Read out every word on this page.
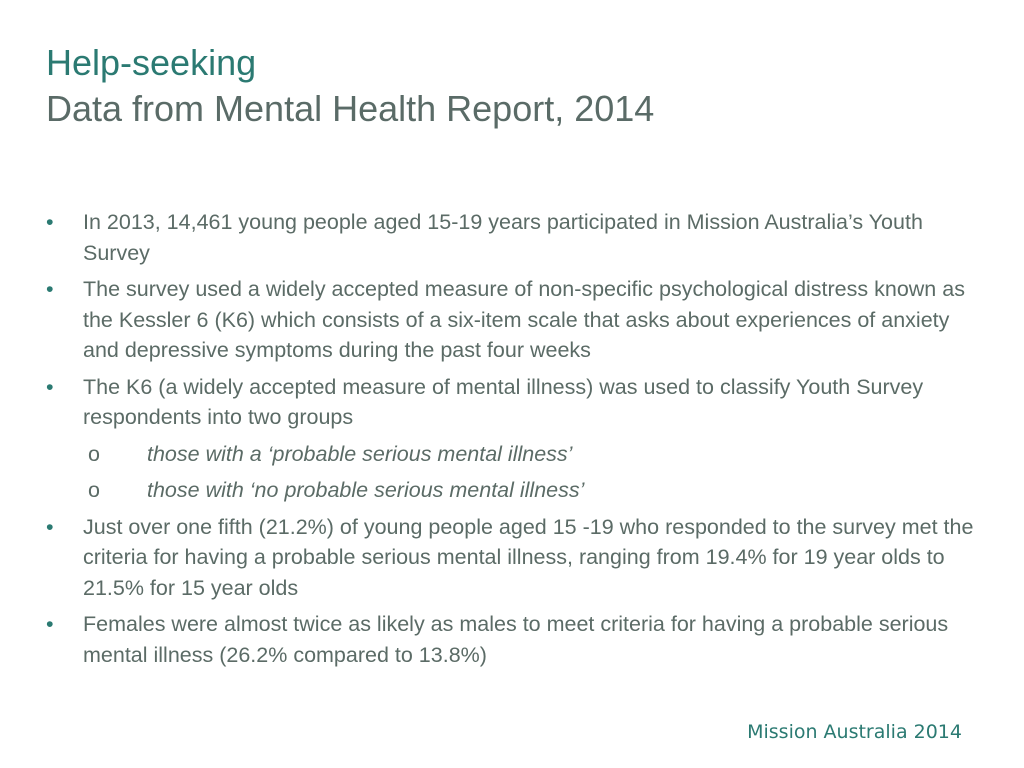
Help-seeking
Data from Mental Health Report, 2014
• In 2013, 14,461 young people aged 15-19 years participated in Mission Australia’s Youth Survey
• The survey used a widely accepted measure of non-specific psychological distress known as the Kessler 6 (K6) which consists of a six-item scale that asks about experiences of anxiety and depressive symptoms during the past four weeks
• The K6 (a widely accepted measure of mental illness) was used to classify Youth Survey respondents into two groups
o those with a ‘probable serious mental illness’
o those with ‘no probable serious mental illness’
• Just over one fifth (21.2%) of young people aged 15 -19 who responded to the survey met the criteria for having a probable serious mental illness, ranging from 19.4% for 19 year olds to 21.5% for 15 year olds
• Females were almost twice as likely as males to meet criteria for having a probable serious mental illness (26.2% compared to 13.8%)
Mission Australia 2014
